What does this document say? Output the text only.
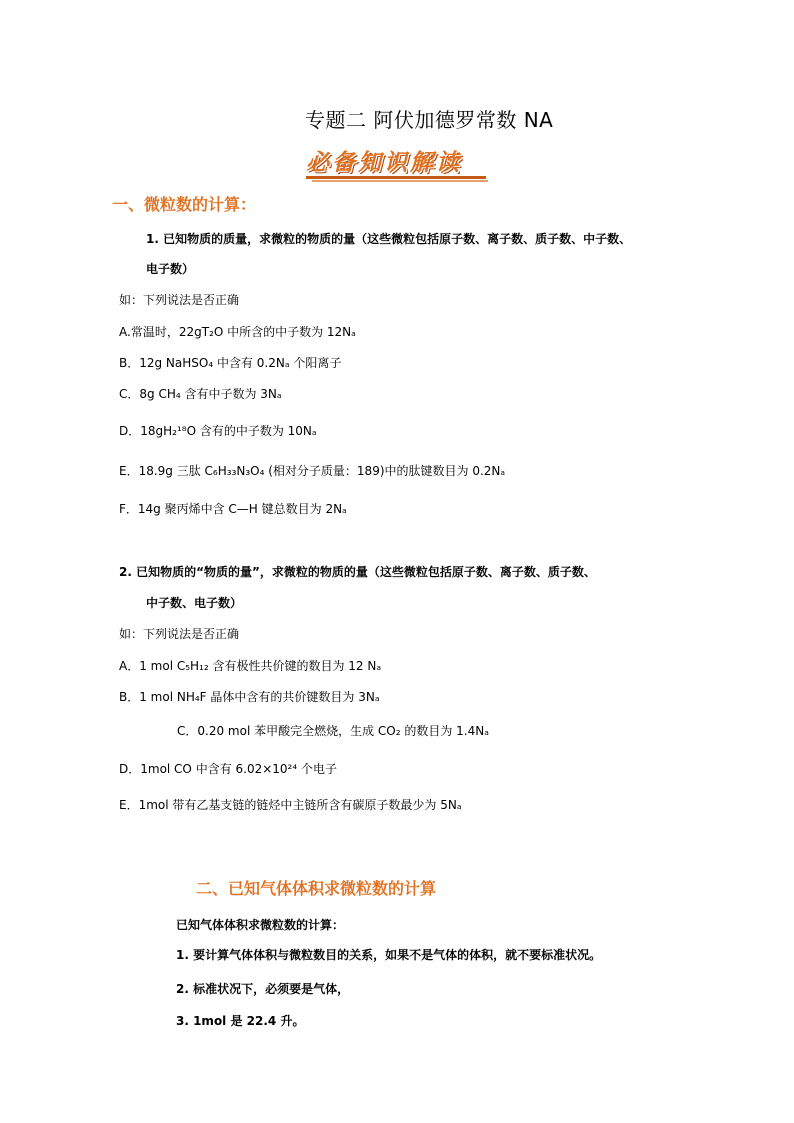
专题二 阿伏加德罗常数 NA
必备知识解读
一、微粒数的计算：
1. 已知物质的质量，求微粒的物质的量（这些微粒包括原子数、离子数、质子数、中子数、
电子数）
如：下列说法是否正确
A.常温时，22gT₂O 中所含的中子数为 12Nₐ
B．12g NaHSO₄ 中含有 0.2Nₐ 个阳离子
C．8g CH₄ 含有中子数为 3Nₐ
D．18gH₂¹⁸O 含有的中子数为 10Nₐ
E．18.9g 三肽 C₆H₃₃N₃O₄ (相对分子质量：189)中的肽键数目为 0.2Nₐ
F．14g 聚丙烯中含 C—H 键总数目为 2Nₐ
2. 已知物质的“物质的量”，求微粒的物质的量（这些微粒包括原子数、离子数、质子数、
中子数、电子数）
如：下列说法是否正确
A．1 mol C₅H₁₂ 含有极性共价键的数目为 12 Nₐ
B．1 mol NH₄F 晶体中含有的共价键数目为 3Nₐ
C．0.20 mol 苯甲酸完全燃烧，生成 CO₂ 的数目为 1.4Nₐ
D．1mol CO 中含有 6.02×10²⁴ 个电子
E．1mol 带有乙基支链的链烃中主链所含有碳原子数最少为 5Nₐ
二、已知气体体积求微粒数的计算
已知气体体积求微粒数的计算：
1. 要计算气体体积与微粒数目的关系，如果不是气体的体积，就不要标准状况。
2. 标准状况下，必须要是气体，
3. 1mol 是 22.4 升。
